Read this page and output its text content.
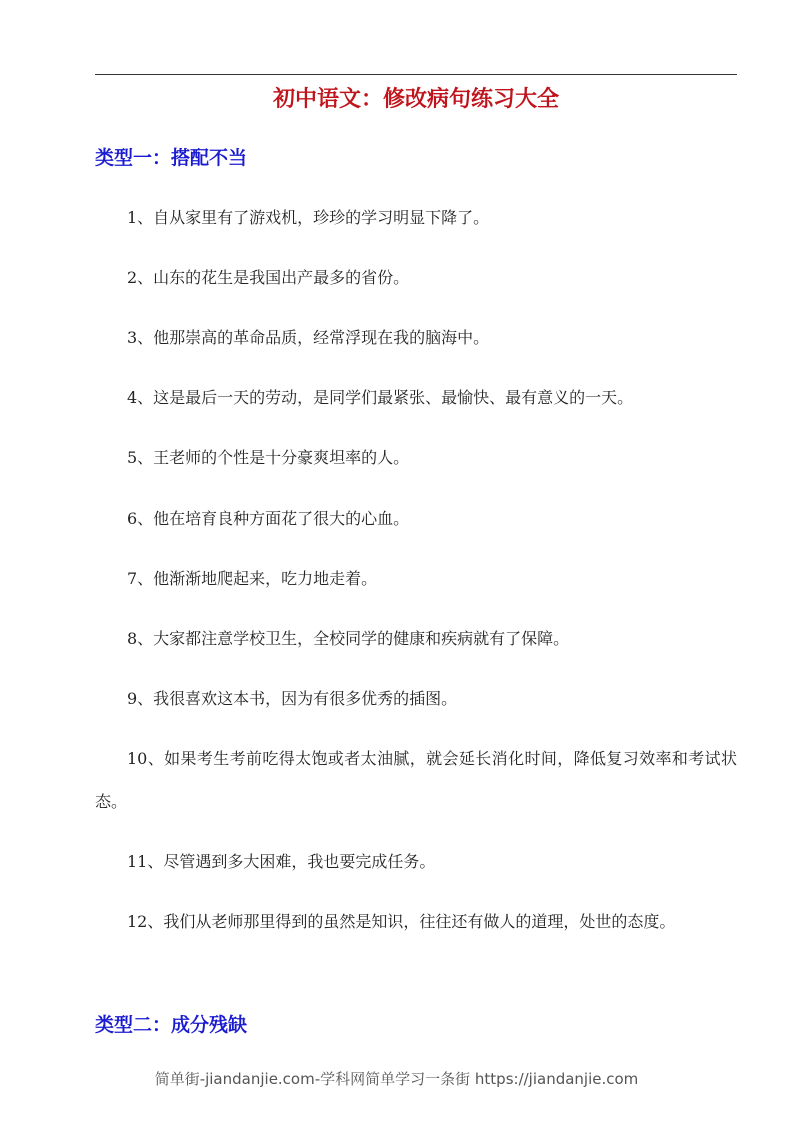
初中语文：修改病句练习大全
类型一：搭配不当

1、自从家里有了游戏机，珍珍的学习明显下降了。

2、山东的花生是我国出产最多的省份。

3、他那崇高的革命品质，经常浮现在我的脑海中。

4、这是最后一天的劳动，是同学们最紧张、最愉快、最有意义的一天。

5、王老师的个性是十分豪爽坦率的人。

6、他在培育良种方面花了很大的心血。

7、他渐渐地爬起来，吃力地走着。

8、大家都注意学校卫生，全校同学的健康和疾病就有了保障。

9、我很喜欢这本书，因为有很多优秀的插图。

10、如果考生考前吃得太饱或者太油腻，就会延长消化时间，降低复习效率和考试状态。

11、尽管遇到多大困难，我也要完成任务。

12、我们从老师那里得到的虽然是知识，往往还有做人的道理，处世的态度。

类型二：成分残缺
简单街-jiandanjie.com-学科网简单学习一条街 https://jiandanjie.com
